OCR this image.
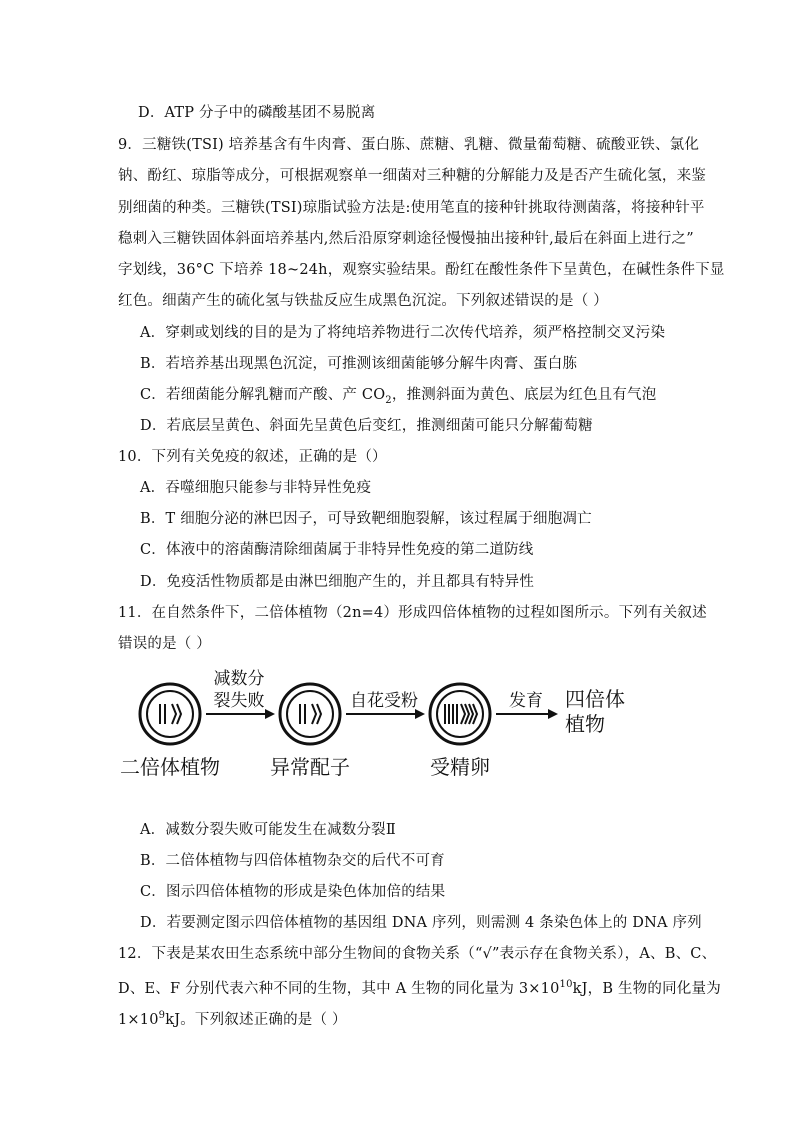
D．ATP 分子中的磷酸基团不易脱离
9．三糖铁(TSI) 培养基含有牛肉膏、蛋白胨、蔗糖、乳糖、微量葡萄糖、硫酸亚铁、氯化
钠、酚红、琼脂等成分，可根据观察单一细菌对三种糖的分解能力及是否产生硫化氢，来鉴
别细菌的种类。三糖铁(TSI)琼脂试验方法是:使用笔直的接种针挑取待测菌落，将接种针平
稳刺入三糖铁固体斜面培养基内,然后沿原穿刺途径慢慢抽出接种针,最后在斜面上进行之”
字划线，36°C 下培养 18~24h，观察实验结果。酚红在酸性条件下呈黄色，在碱性条件下显
红色。细菌产生的硫化氢与铁盐反应生成黑色沉淀。下列叙述错误的是（ ）
A．穿刺或划线的目的是为了将纯培养物进行二次传代培养，须严格控制交叉污染
B．若培养基出现黑色沉淀，可推测该细菌能够分解牛肉膏、蛋白胨
C．若细菌能分解乳糖而产酸、产 $CO_2$，推测斜面为黄色、底层为红色且有气泡
D．若底层呈黄色、斜面先呈黄色后变红，推测细菌可能只分解葡萄糖
10．下列有关免疫的叙述，正确的是（）
A．吞噬细胞只能参与非特异性免疫
B．T 细胞分泌的淋巴因子，可导致靶细胞裂解，该过程属于细胞凋亡
C．体液中的溶菌酶清除细菌属于非特异性免疫的第二道防线
D．免疫活性物质都是由淋巴细胞产生的，并且都具有特异性
11．在自然条件下，二倍体植物（2n=4）形成四倍体植物的过程如图所示。下列有关叙述
错误的是（ ）
减数分
裂失败	自花受粉	发育 四倍体
植物
二倍体植物	异常配子	受精卵
A．减数分裂失败可能发生在减数分裂Ⅱ
B．二倍体植物与四倍体植物杂交的后代不可育
C．图示四倍体植物的形成是染色体加倍的结果
D．若要测定图示四倍体植物的基因组 DNA 序列，则需测 4 条染色体上的 DNA 序列
12．下表是某农田生态系统中部分生物间的食物关系（“√”表示存在食物关系），A、B、C、
D、E、F 分别代表六种不同的生物，其中 A 生物的同化量为 $3\times 10^{10}kJ$，B 生物的同化量为
$1\times 10^9kJ$。下列叙述正确的是（ ）
